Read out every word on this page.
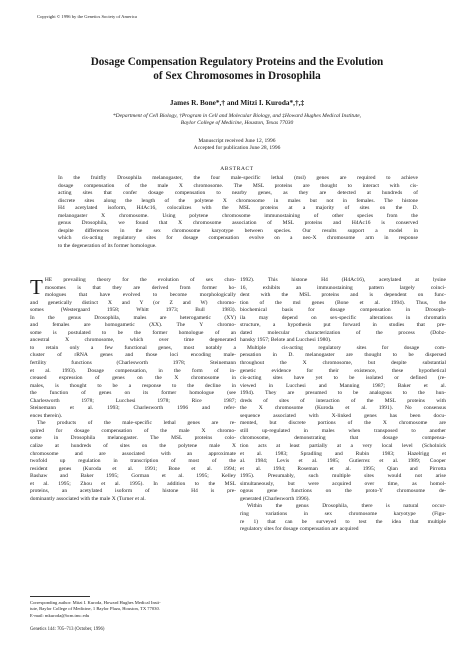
Copyright © 1996 by the Genetics Society of America
Dosage Compensation Regulatory Proteins and the Evolution
of Sex Chromosomes in Drosophila
James R. Bone*,† and Mitzi I. Kuroda*,†,‡
*Department of Cell Biology, †Program in Cell and Molecular Biology, and ‡Howard Hughes Medical Institute,
Baylor College of Medicine, Houston, Texas 77030
Manuscript received June 12, 1996
Accepted for publication June 28, 1996
ABSTRACT
In the fruitfly Drosophila melanogaster, the four male-specific lethal (msl) genes are required to achieve
dosage compensation of the male X chromosome. The MSL proteins are thought to interact with cis-
acting sites that confer dosage compensation to nearby genes, as they are detected at hundreds of
discrete sites along the length of the polytene X chromosome in males but not in females. The histone
H4 acetylated isoform, H4Ac16, colocalizes with the MSL proteins at a majority of sites on the D.
melanogaster X chromosome. Using polytene chromosome immunostaining of other species from the
genus Drosophila, we found that X chromosome association of MSL proteins and H4Ac16 is conserved
despite differences in the sex chromosome karyotype between species. Our results support a model in
which cis-acting regulatory sites for dosage compensation evolve on a neo-X chromosome arm in response
to the degeneration of its former homologue.
T HE prevailing theory for the evolution of sex chro-
mosomes is that they are derived from former ho-
mologues that have evolved to become morphologically
and genetically distinct X and Y (or Z and W) chromo-
somes (Westergaard 1958; Whitt 1973; Bull 1983).
In the genus Drosophila, males are heterogametic (XY)
and females are homogametic (XX). The Y chromo-
some is postulated to be the former homologue of an
ancestral X chromosome, which over time degenerated
to retain only a few functional genes, most notably a
cluster of rRNA genes and those loci encoding male-
fertility functions (Charlesworth 1978; Steinemann
et al. 1993). Dosage compensation, in the form of in-
creased expression of genes on the X chromosome in
males, is thought to be a response to the decline in
the function of genes on its former homologue (see
Charlesworth 1978; Lucchesi 1978; Rice 1987;
Steinemann et al. 1993; Charlesworth 1996 and refer-
ences therein).
The products of the male-specific lethal genes are re-
quired for dosage compensation of the male X chromo-
some in Drosophila melanogaster. The MSL proteins colo-
calize at hundreds of sites on the polytene male X
chromosome and are associated with an approximate
twofold up regulation in transcription of most of the
resident genes (Kuroda et al. 1991; Bone et al. 1994;
Bashaw and Baker 1995; Gorman et al. 1995; Kelley
et al. 1995; Zhou et al. 1995). In addition to the MSL
proteins, an acetylated isoform of histone H4 is pre-
dominantly associated with the male X (Turner et al.
1992). This histone H4 (H4Ac16), acetylated at lysine
16, exhibits an immunostaining pattern largely coinci-
dent with the MSL proteins and is dependent on func-
tion of the msl genes (Bone et al. 1994). Thus, the
biochemical basis for dosage compensation in Drosoph-
ila may depend on sex-specific alterations in chromatin
structure, a hypothesis put forward in studies that pre-
dated molecular characterization of the process (Dobz-
hansky 1957; Belote and Lucchesi 1980).
Multiple cis-acting regulatory sites for dosage com-
pensation in D. melanogaster are thought to be dispersed
throughout the X chromosome, but despite substantial
genetic evidence for their existence, these hypothetical
cis-acting sites have yet to be isolated or defined (re-
viewed in Lucchesi and Manning 1987; Baker et al.
1994). They are presumed to be analogous to the hun-
dreds of sites of interaction of the MSL proteins with
the X chromosome (Kuroda et al. 1991). No consensus
sequence associated with X-linked genes has been docu-
mented, but discrete portions of the X chromosome are
still up-regulated in males when transposed to another
chromosome, demonstrating that dosage compensa-
tion acts at least partially at a very local level (Scholnick
et al. 1983; Spradling and Rubin 1983; Hazelrigg et
al. 1984; Levis et al. 1985; Gutierrez et al. 1989; Cooper
et al. 1994; Roseman et al. 1995; Qian and Pirrotta
1995). Presumably, such multiple sites would not arise
simultaneously, but were acquired over time, as homol-
ogous gene functions on the proto-Y chromosome de-
generated (Charlesworth 1996).
Within the genus Drosophila, there is natural occur-
ring variations in sex chromosome karyotype (Figu-
re 1) that can be surveyed to test the idea that multiple
regulatory sites for dosage compensation are acquired
Corresponding author: Mitzi I. Kuroda, Howard Hughes Medical Insti-
tute, Baylor College of Medicine, 1 Baylor Plaza, Houston, TX 77030.
E-mail: mkuroda@bcm.tmc.edu
Genetics 144: 705–713 (October, 1996)
